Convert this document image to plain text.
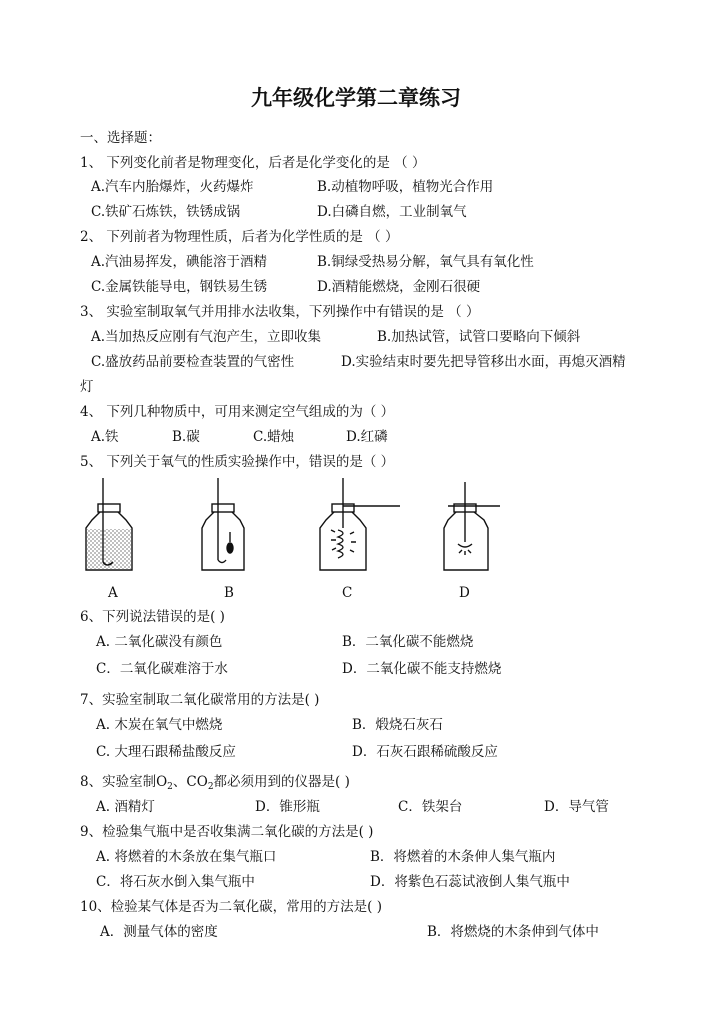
九年级化学第二章练习
一、选择题：
1、 下列变化前者是物理变化，后者是化学变化的是 （ ）
A.汽车内胎爆炸，火药爆炸	B.动植物呼吸，植物光合作用
C.铁矿石炼铁，铁锈成锅	D.白磷自燃，工业制氧气
2、 下列前者为物理性质，后者为化学性质的是 （ ）
A.汽油易挥发，碘能溶于酒精	B.铜绿受热易分解，氧气具有氧化性
C.金属铁能导电，钢铁易生锈	D.酒精能燃烧，金刚石很硬
3、 实验室制取氧气并用排水法收集，下列操作中有错误的是 （ ）
A.当加热反应刚有气泡产生，立即收集	B.加热试管，试管口要略向下倾斜
C.盛放药品前要检查装置的气密性	D.实验结束时要先把导管移出水面，再熄灭酒精
灯
4、 下列几种物质中，可用来测定空气组成的为（ ）
A.铁	B.碳	C.蜡烛	D.红磷
5、 下列关于氧气的性质实验操作中，错误的是（ ）
A	B	C	D
6、下列说法错误的是( )
A. 二氧化碳没有颜色	B．二氧化碳不能燃烧
C．二氧化碳难溶于水	D．二氧化碳不能支持燃烧
7、实验室制取二氧化碳常用的方法是( )
A. 木炭在氧气中燃烧	B．煅烧石灰石
C. 大理石跟稀盐酸反应	D．石灰石跟稀硫酸反应
8、实验室制$O_2$、$CO_2$都必须用到的仪器是( )
A. 酒精灯	D．锥形瓶	C．铁架台	D．导气管
9、检验集气瓶中是否收集满二氧化碳的方法是( )
A. 将燃着的木条放在集气瓶口	B．将燃着的木条伸人集气瓶内
C．将石灰水倒入集气瓶中	D．将紫色石蕊试液倒人集气瓶中
10、检验某气体是否为二氧化碳，常用的方法是( )
A．测量气体的密度	B．将燃烧的木条伸到气体中
